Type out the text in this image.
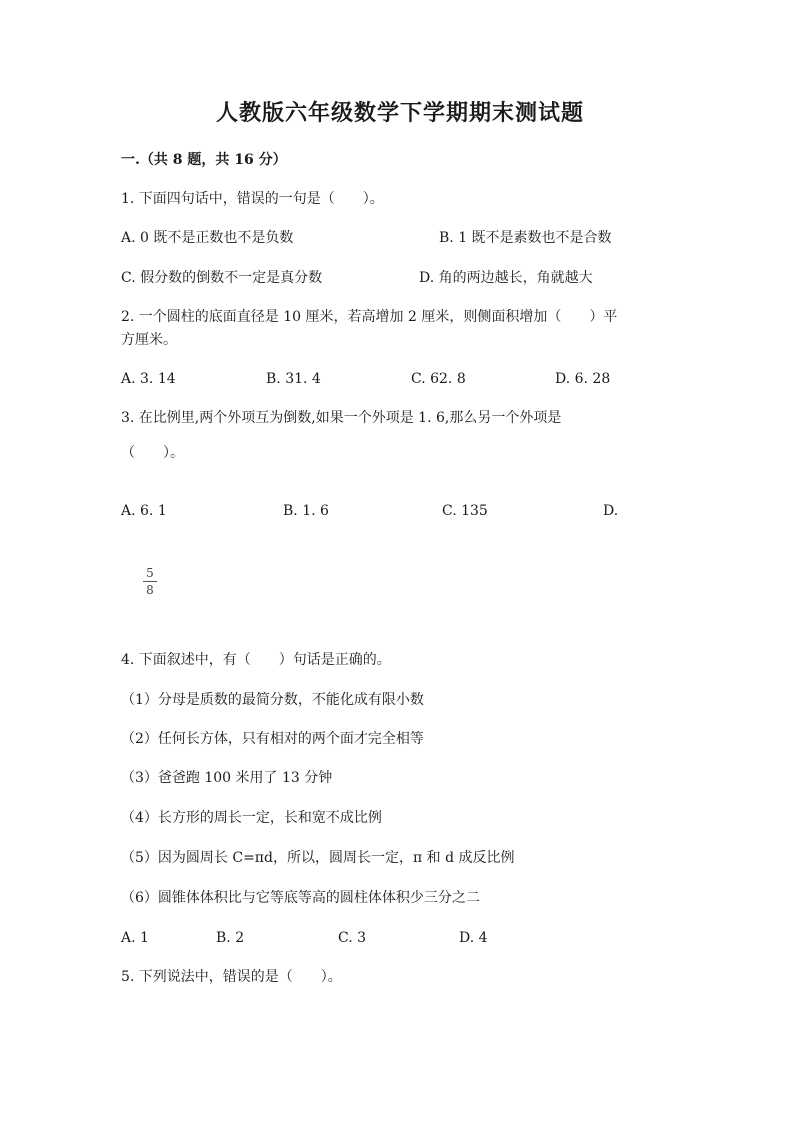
人教版六年级数学下学期期末测试题
一.（共 8 题，共 16 分）
1. 下面四句话中，错误的一句是（　　）。
A. 0 既不是正数也不是负数	B. 1 既不是素数也不是合数
C. 假分数的倒数不一定是真分数	D. 角的两边越长，角就越大
2. 一个圆柱的底面直径是 10 厘米，若高增加 2 厘米，则侧面积增加（　　）平
方厘米。
A. 3. 14	B. 31. 4	C. 62. 8	D. 6. 28
3. 在比例里,两个外项互为倒数,如果一个外项是 1. 6,那么另一个外项是
（　　）。
A. 6. 1	B. 1. 6	C. 135	D.
5
8
4. 下面叙述中，有（　　）句话是正确的。
（1）分母是质数的最简分数，不能化成有限小数
（2）任何长方体，只有相对的两个面才完全相等
（3）爸爸跑 100 米用了 13 分钟
（4）长方形的周长一定，长和宽不成比例
（5）因为圆周长 C=πd，所以，圆周长一定，π 和 d 成反比例
（6）圆锥体体积比与它等底等高的圆柱体体积少三分之二
A. 1	B. 2	C. 3	D. 4
5. 下列说法中，错误的是（　　）。
